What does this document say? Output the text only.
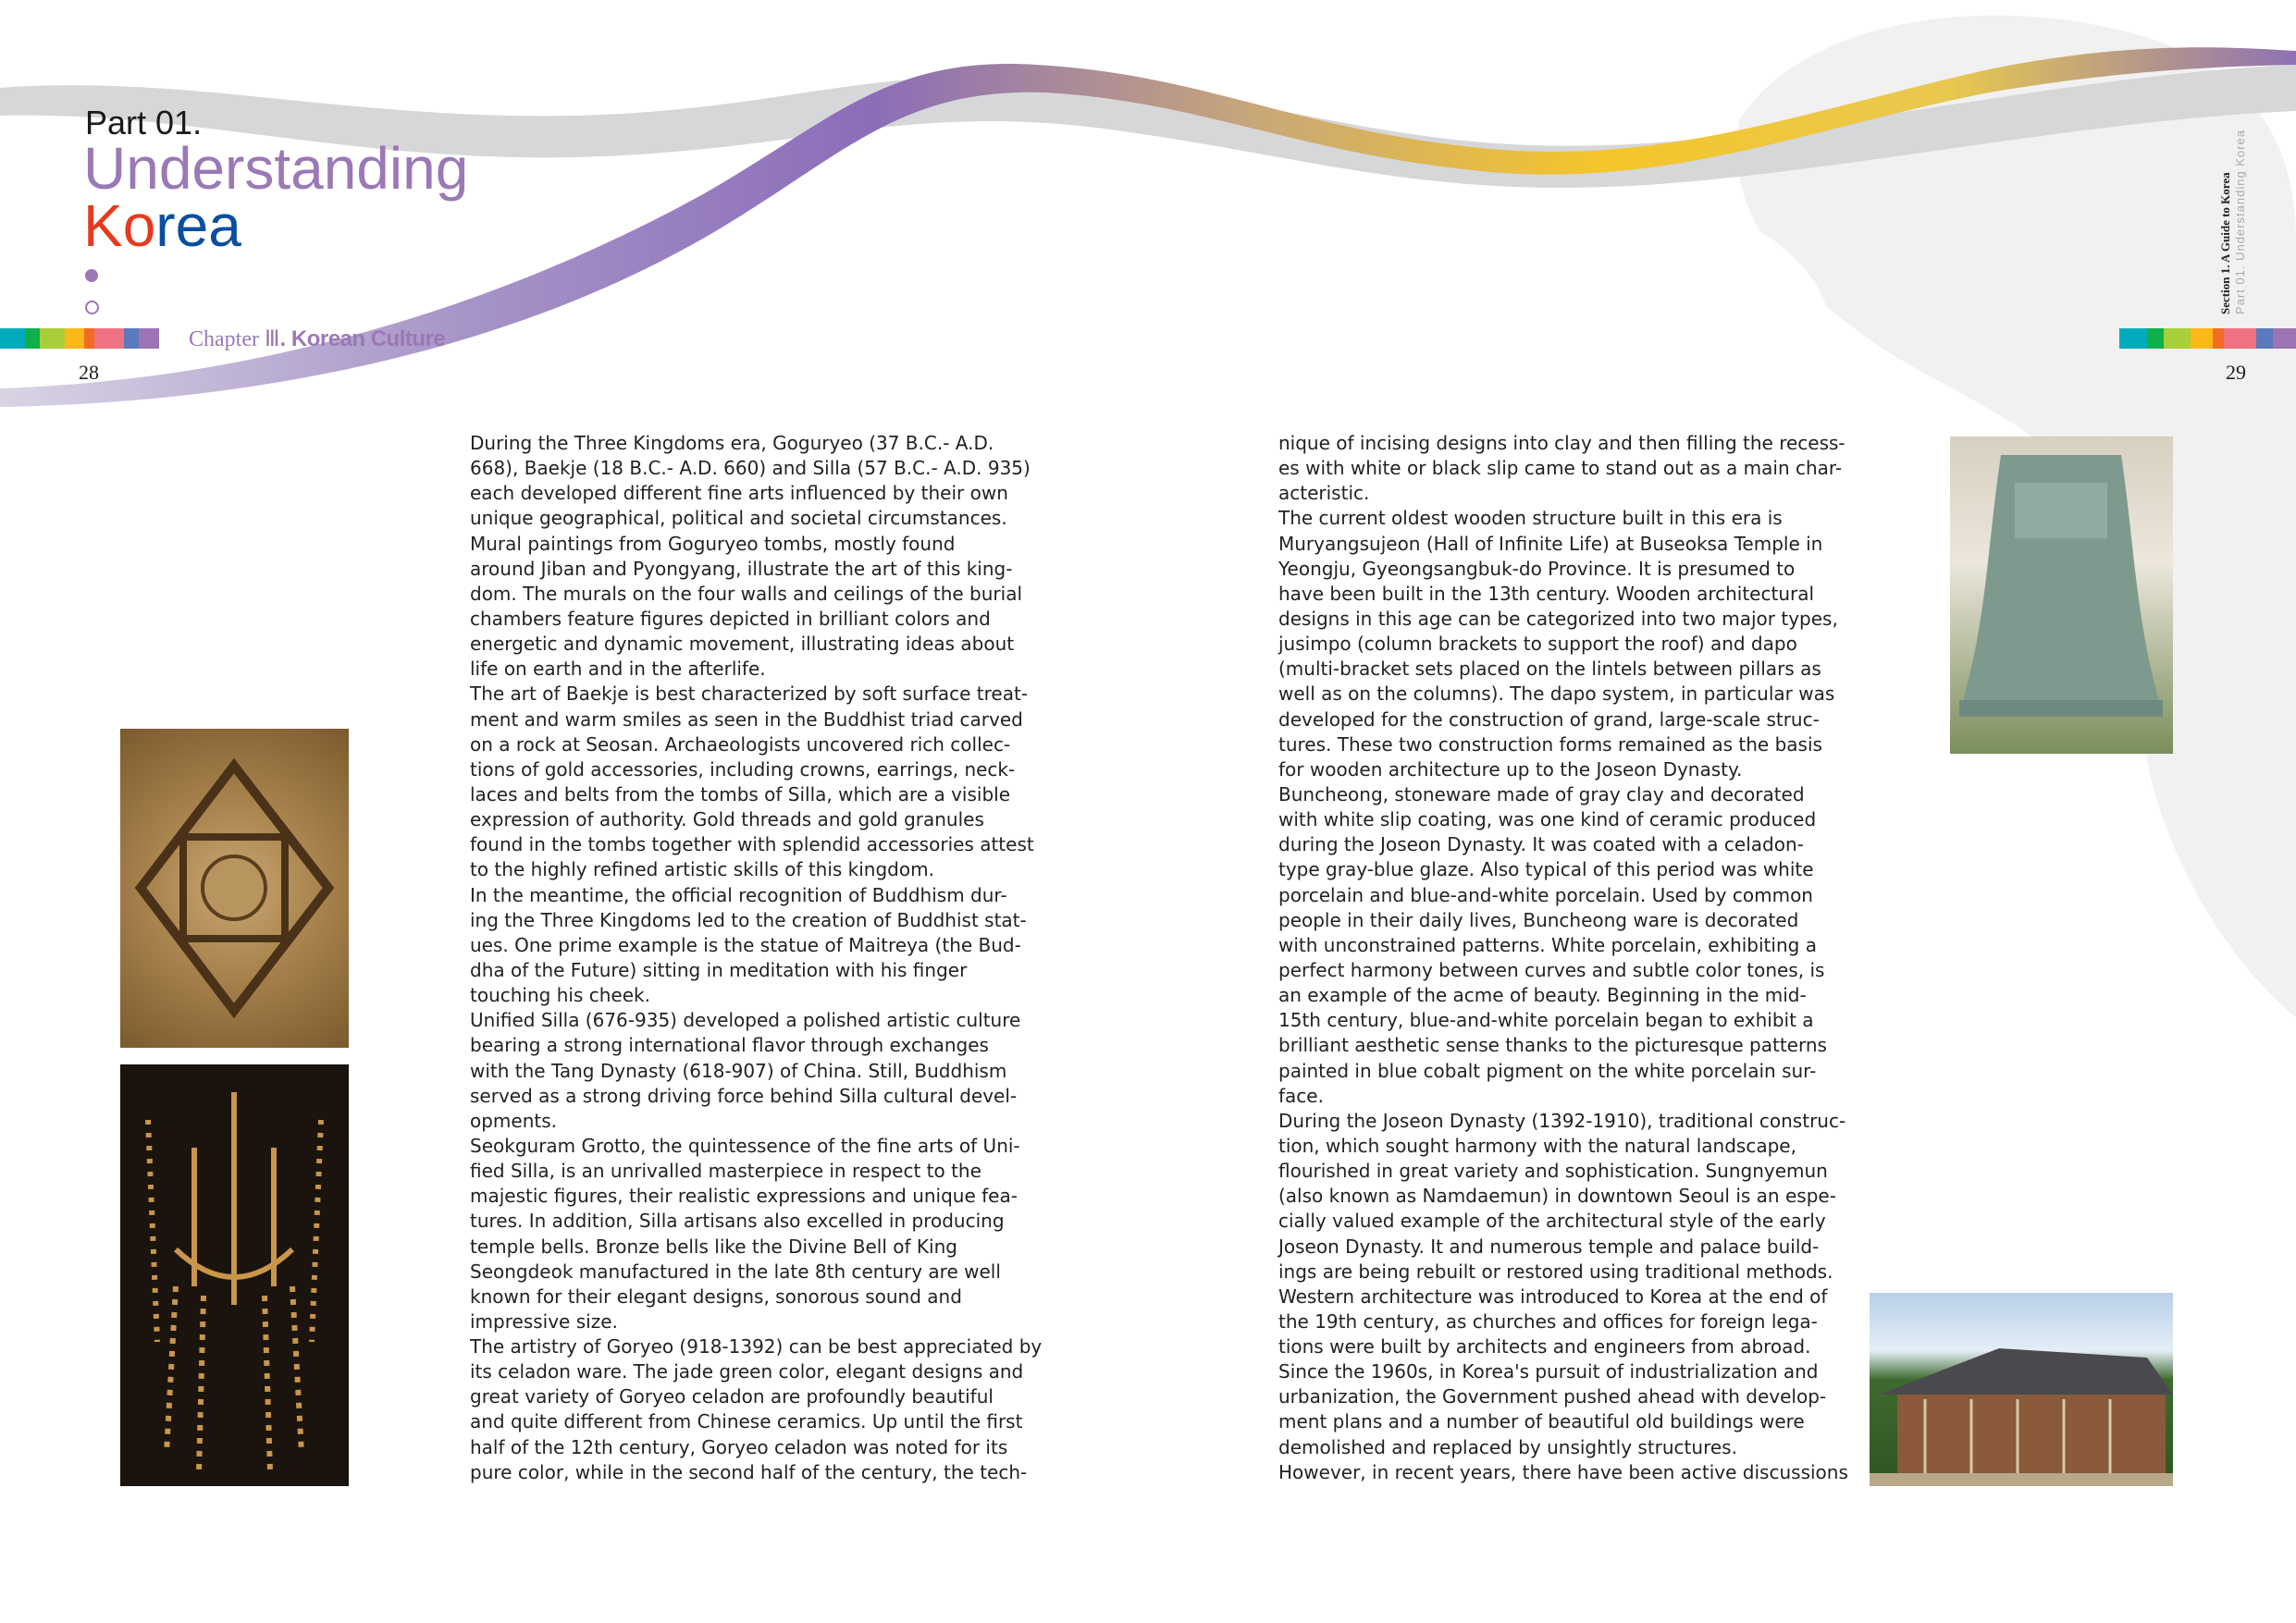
Part 01.
Understanding
Korea
Chapter Ⅲ. Korean Culture
28	29
Section 1. A Guide to Korea Part 01. Understanding Korea
During the Three Kingdoms era, Goguryeo (37 B.C.- A.D.
668), Baekje (18 B.C.- A.D. 660) and Silla (57 B.C.- A.D. 935)
each developed different fine arts influenced by their own
unique geographical, political and societal circumstances.
Mural paintings from Goguryeo tombs, mostly found
around Jiban and Pyongyang, illustrate the art of this king-
dom. The murals on the four walls and ceilings of the burial
chambers feature figures depicted in brilliant colors and
energetic and dynamic movement, illustrating ideas about
life on earth and in the afterlife.
The art of Baekje is best characterized by soft surface treat-
ment and warm smiles as seen in the Buddhist triad carved
on a rock at Seosan. Archaeologists uncovered rich collec-
tions of gold accessories, including crowns, earrings, neck-
laces and belts from the tombs of Silla, which are a visible
expression of authority. Gold threads and gold granules
found in the tombs together with splendid accessories attest
to the highly refined artistic skills of this kingdom.
In the meantime, the official recognition of Buddhism dur-
ing the Three Kingdoms led to the creation of Buddhist stat-
ues. One prime example is the statue of Maitreya (the Bud-
dha of the Future) sitting in meditation with his finger
touching his cheek.
Unified Silla (676-935) developed a polished artistic culture
bearing a strong international flavor through exchanges
with the Tang Dynasty (618-907) of China. Still, Buddhism
served as a strong driving force behind Silla cultural devel-
opments.
Seokguram Grotto, the quintessence of the fine arts of Uni-
fied Silla, is an unrivalled masterpiece in respect to the
majestic figures, their realistic expressions and unique fea-
tures. In addition, Silla artisans also excelled in producing
temple bells. Bronze bells like the Divine Bell of King
Seongdeok manufactured in the late 8th century are well
known for their elegant designs, sonorous sound and
impressive size.
The artistry of Goryeo (918-1392) can be best appreciated by
its celadon ware. The jade green color, elegant designs and
great variety of Goryeo celadon are profoundly beautiful
and quite different from Chinese ceramics. Up until the first
half of the 12th century, Goryeo celadon was noted for its
pure color, while in the second half of the century, the tech-
nique of incising designs into clay and then filling the recess-
es with white or black slip came to stand out as a main char-
acteristic.
The current oldest wooden structure built in this era is
Muryangsujeon (Hall of Infinite Life) at Buseoksa Temple in
Yeongju, Gyeongsangbuk-do Province. It is presumed to
have been built in the 13th century. Wooden architectural
designs in this age can be categorized into two major types,
jusimpo (column brackets to support the roof) and dapo
(multi-bracket sets placed on the lintels between pillars as
well as on the columns). The dapo system, in particular was
developed for the construction of grand, large-scale struc-
tures. These two construction forms remained as the basis
for wooden architecture up to the Joseon Dynasty.
Buncheong, stoneware made of gray clay and decorated
with white slip coating, was one kind of ceramic produced
during the Joseon Dynasty. It was coated with a celadon-
type gray-blue glaze. Also typical of this period was white
porcelain and blue-and-white porcelain. Used by common
people in their daily lives, Buncheong ware is decorated
with unconstrained patterns. White porcelain, exhibiting a
perfect harmony between curves and subtle color tones, is
an example of the acme of beauty. Beginning in the mid-
15th century, blue-and-white porcelain began to exhibit a
brilliant aesthetic sense thanks to the picturesque patterns
painted in blue cobalt pigment on the white porcelain sur-
face.
During the Joseon Dynasty (1392-1910), traditional construc-
tion, which sought harmony with the natural landscape,
flourished in great variety and sophistication. Sungnyemun
(also known as Namdaemun) in downtown Seoul is an espe-
cially valued example of the architectural style of the early
Joseon Dynasty. It and numerous temple and palace build-
ings are being rebuilt or restored using traditional methods.
Western architecture was introduced to Korea at the end of
the 19th century, as churches and offices for foreign lega-
tions were built by architects and engineers from abroad.
Since the 1960s, in Korea's pursuit of industrialization and
urbanization, the Government pushed ahead with develop-
ment plans and a number of beautiful old buildings were
demolished and replaced by unsightly structures.
However, in recent years, there have been active discussions
